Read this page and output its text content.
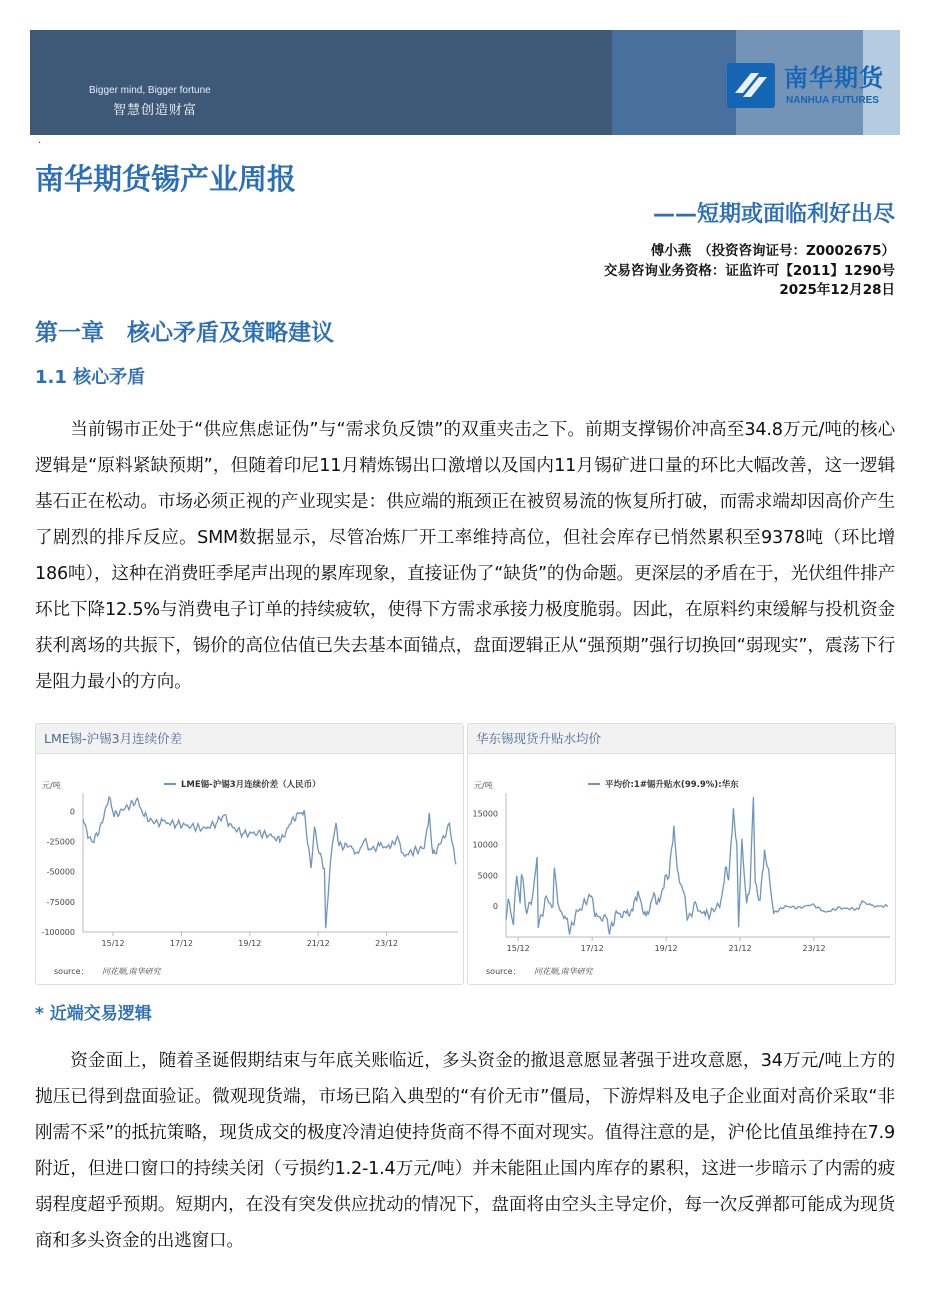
Bigger mind, Bigger fortune
智慧创造财富
南华期货
NANHUA FUTURES
·
南华期货锡产业周报
——短期或面临利好出尽
傅小燕　（投资咨询证号：Z0002675）
交易咨询业务资格：证监许可【2011】1290号
2025年12月28日
第一章　核心矛盾及策略建议
1.1 核心矛盾

当前锡市正处于“供应焦虑证伪”与“需求负反馈”的双重夹击之下。前期支撑锡价冲高至34.8万元/吨的核心逻辑是“原料紧缺预期”，但随着印尼11月精炼锡出口激增以及国内11月锡矿进口量的环比大幅改善，这一逻辑基石正在松动。市场必须正视的产业现实是：供应端的瓶颈正在被贸易流的恢复所打破，而需求端却因高价产生了剧烈的排斥反应。SMM数据显示，尽管冶炼厂开工率维持高位，但社会库存已悄然累积至9378吨（环比增186吨），这种在消费旺季尾声出现的累库现象，直接证伪了“缺货”的伪命题。更深层的矛盾在于，光伏组件排产环比下降12.5%与消费电子订单的持续疲软，使得下方需求承接力极度脆弱。因此，在原料约束缓解与投机资金获利离场的共振下，锡价的高位估值已失去基本面锚点，盘面逻辑正从“强预期”强行切换回“弱现实”，震荡下行是阻力最小的方向。

LME锡-沪锡3月连续价差
元/吨	LME锡-沪锡3月连续价差（人民币）
0
-25000
-50000
-75000
-100000
15/12	17/12	19/12	21/12	23/12
source： 同花顺,南华研究
华东锡现货升贴水均价
元/吨	平均价:1#锡升贴水(99.9%):华东
15000
10000
5000
0
15/12	17/12	19/12	21/12	23/12
source： 同花顺,南华研究
* 近端交易逻辑

资金面上，随着圣诞假期结束与年底关账临近，多头资金的撤退意愿显著强于进攻意愿，34万元/吨上方的抛压已得到盘面验证。微观现货端，市场已陷入典型的“有价无市”僵局，下游焊料及电子企业面对高价采取“非刚需不采”的抵抗策略，现货成交的极度冷清迫使持货商不得不面对现实。值得注意的是，沪伦比值虽维持在7.9附近，但进口窗口的持续关闭（亏损约1.2-1.4万元/吨）并未能阻止国内库存的累积，这进一步暗示了内需的疲弱程度超乎预期。短期内，在没有突发供应扰动的情况下，盘面将由空头主导定价，每一次反弹都可能成为现货商和多头资金的出逃窗口。
